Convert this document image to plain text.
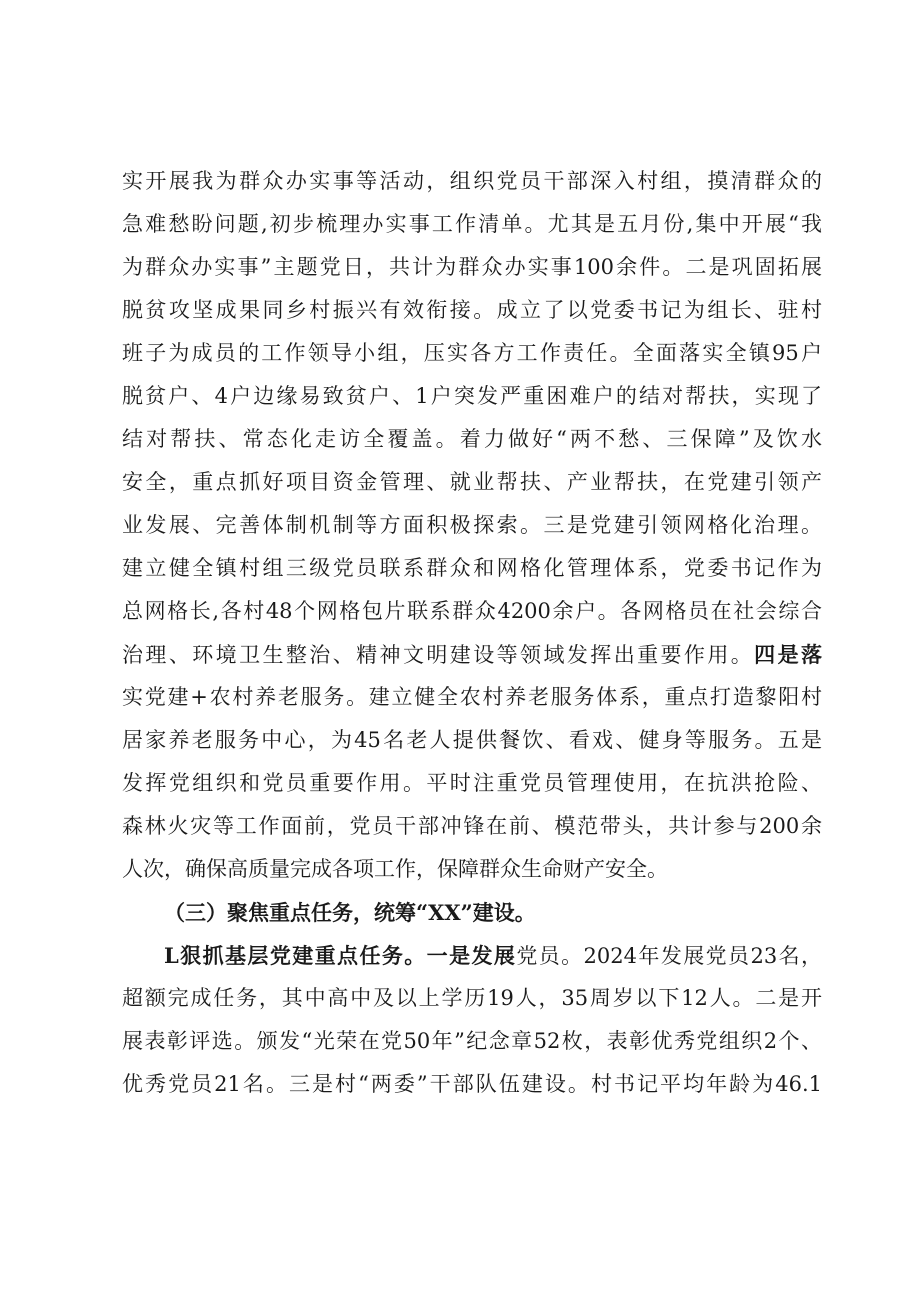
实开展我为群众办实事等活动，组织党员干部深入村组，摸清群众的
急难愁盼问题,初步梳理办实事工作清单。尤其是五月份,集中开展“我
为群众办实事”主题党日，共计为群众办实事100余件。二是巩固拓展
脱贫攻坚成果同乡村振兴有效衔接。成立了以党委书记为组长、驻村
班子为成员的工作领导小组，压实各方工作责任。全面落实全镇95户
脱贫户、4户边缘易致贫户、1户突发严重困难户的结对帮扶，实现了
结对帮扶、常态化走访全覆盖。着力做好“两不愁、三保障”及饮水
安全，重点抓好项目资金管理、就业帮扶、产业帮扶，在党建引领产
业发展、完善体制机制等方面积极探索。三是党建引领网格化治理。
建立健全镇村组三级党员联系群众和网格化管理体系，党委书记作为
总网格长,各村48个网格包片联系群众4200余户。各网格员在社会综合
治理、环境卫生整治、精神文明建设等领域发挥出重要作用。四是落
实党建+农村养老服务。建立健全农村养老服务体系，重点打造黎阳村
居家养老服务中心，为45名老人提供餐饮、看戏、健身等服务。五是
发挥党组织和党员重要作用。平时注重党员管理使用，在抗洪抢险、
森林火灾等工作面前，党员干部冲锋在前、模范带头，共计参与200余
人次，确保高质量完成各项工作，保障群众生命财产安全。
（三）聚焦重点任务，统筹“XX”建设。
L狠抓基层党建重点任务。一是发展党员。2024年发展党员23名，
超额完成任务，其中高中及以上学历19人，35周岁以下12人。二是开
展表彰评选。颁发“光荣在党50年”纪念章52枚，表彰优秀党组织2个、
优秀党员21名。三是村“两委”干部队伍建设。村书记平均年龄为46.1
